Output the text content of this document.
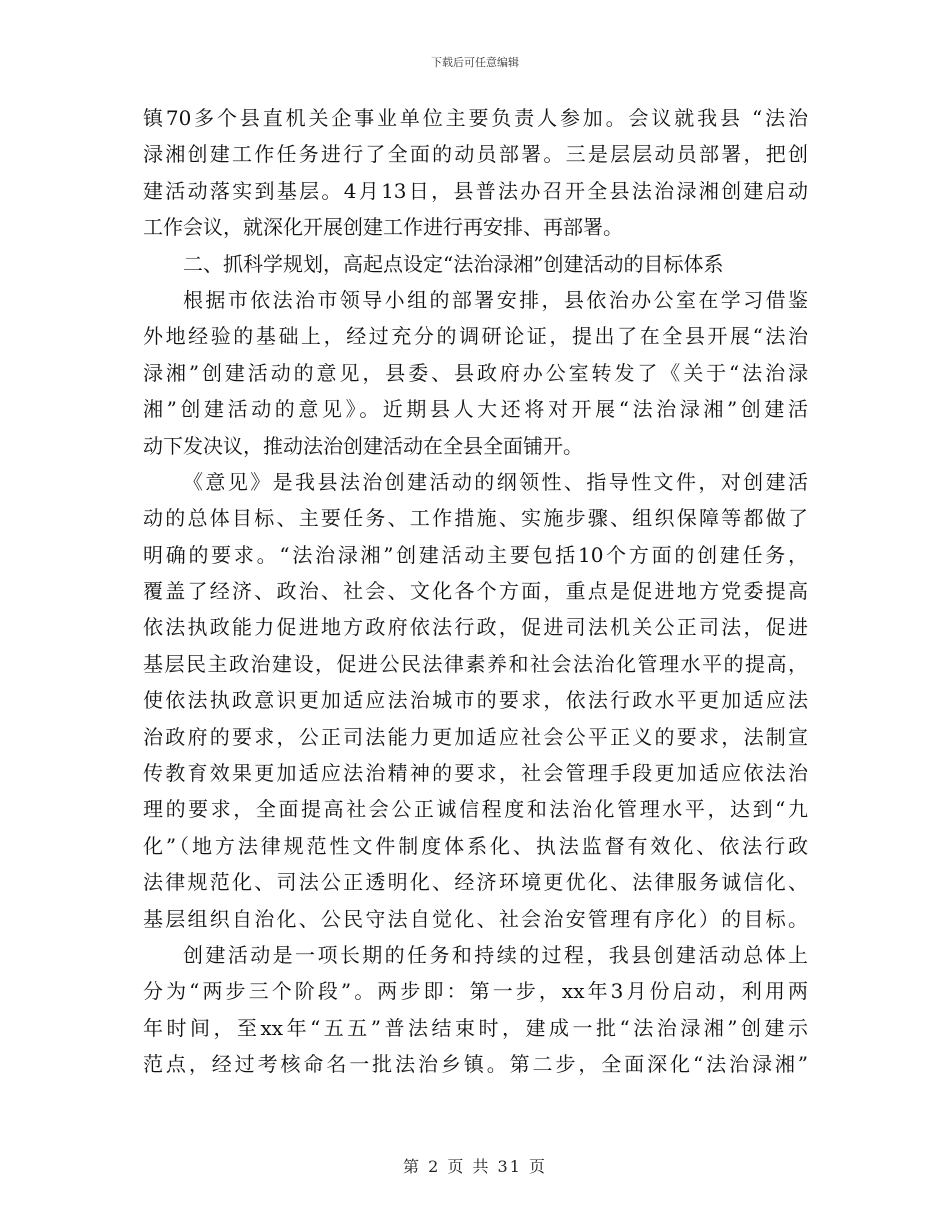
下载后可任意编辑
镇70多个县直机关企事业单位主要负责人参加。会议就我县 “法治
渌湘创建工作任务进行了全面的动员部署。三是层层动员部署，把创
建活动落实到基层。4月13日，县普法办召开全县法治渌湘创建启动
工作会议，就深化开展创建工作进行再安排、再部署。
二、抓科学规划，高起点设定“法治渌湘”创建活动的目标体系
根据市依法治市领导小组的部署安排，县依治办公室在学习借鉴
外地经验的基础上，经过充分的调研论证，提出了在全县开展“法治
渌湘”创建活动的意见，县委、县政府办公室转发了《关于“法治渌
湘”创建活动的意见》。近期县人大还将对开展“法治渌湘”创建活
动下发决议，推动法治创建活动在全县全面铺开。
《意见》是我县法治创建活动的纲领性、指导性文件，对创建活
动的总体目标、主要任务、工作措施、实施步骤、组织保障等都做了
明确的要求。“法治渌湘”创建活动主要包括10个方面的创建任务，
覆盖了经济、政治、社会、文化各个方面，重点是促进地方党委提高
依法执政能力促进地方政府依法行政，促进司法机关公正司法，促进
基层民主政治建设，促进公民法律素养和社会法治化管理水平的提高，
使依法执政意识更加适应法治城市的要求，依法行政水平更加适应法
治政府的要求，公正司法能力更加适应社会公平正义的要求，法制宣
传教育效果更加适应法治精神的要求，社会管理手段更加适应依法治
理的要求，全面提高社会公正诚信程度和法治化管理水平，达到“九
化”（地方法律规范性文件制度体系化、执法监督有效化、依法行政
法律规范化、司法公正透明化、经济环境更优化、法律服务诚信化、
基层组织自治化、公民守法自觉化、社会治安管理有序化）的目标。
创建活动是一项长期的任务和持续的过程，我县创建活动总体上
分为“两步三个阶段”。两步即：第一步，xx年3月份启动，利用两
年时间，至xx年“五五”普法结束时，建成一批“法治渌湘”创建示
范点，经过考核命名一批法治乡镇。第二步，全面深化“法治渌湘”
第 2 页 共 31 页
